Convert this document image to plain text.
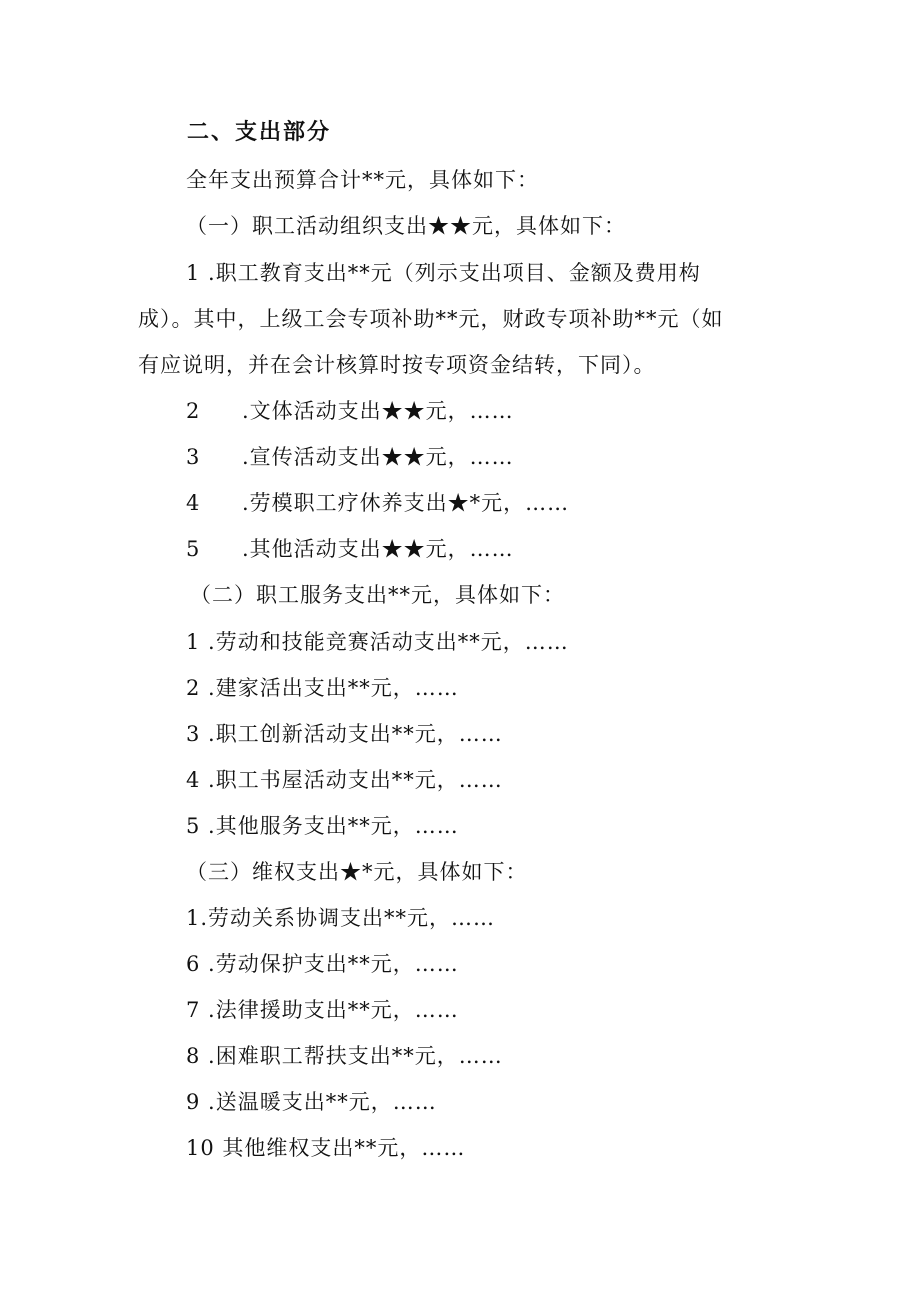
二、支出部分
全年支出预算合计**元，具体如下：
（一）职工活动组织支出★★元，具体如下：
1 .职工教育支出**元（列示支出项目、金额及费用构
成）。其中，上级工会专项补助**元，财政专项补助**元（如
有应说明，并在会计核算时按专项资金结转，下同）。
2 .文体活动支出★★元，……
3 .宣传活动支出★★元，……
4 .劳模职工疗休养支出★*元，……
5 .其他活动支出★★元，……
（二）职工服务支出**元，具体如下：
1 .劳动和技能竞赛活动支出**元，……
2 .建家活出支出**元，……
3 .职工创新活动支出**元，……
4 .职工书屋活动支出**元，……
5 .其他服务支出**元，……
（三）维权支出★*元，具体如下：
1.劳动关系协调支出**元，……
6 .劳动保护支出**元，……
7 .法律援助支出**元，……
8 .困难职工帮扶支出**元，……
9 .送温暖支出**元，……
10 其他维权支出**元，……
